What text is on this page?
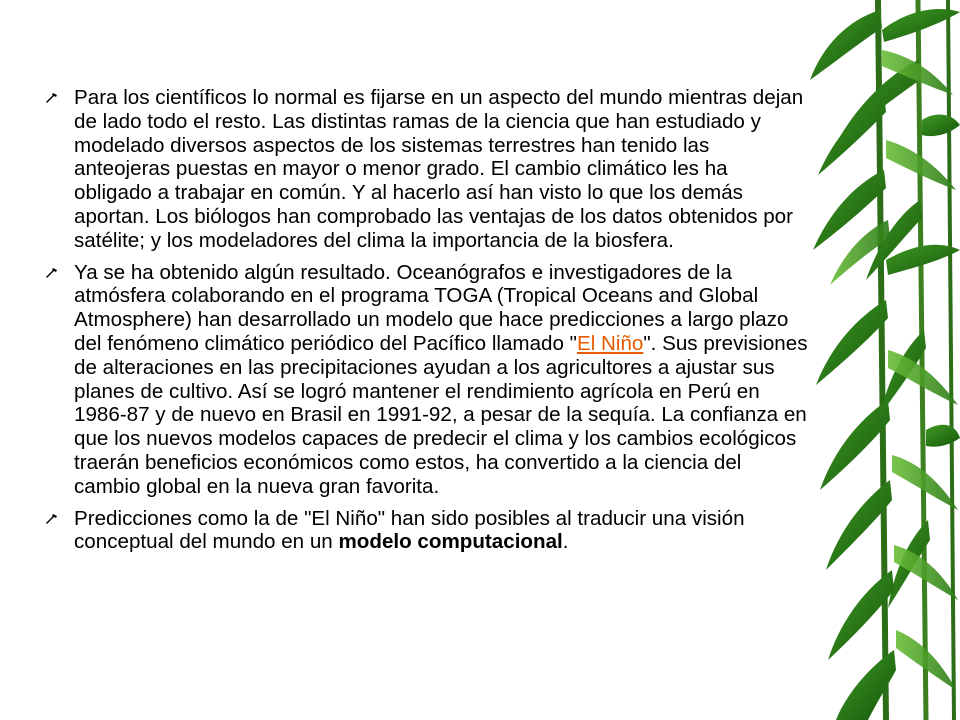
Para los científicos lo normal es fijarse en un aspecto del mundo mientras dejan de lado todo el resto. Las distintas ramas de la ciencia que han estudiado y modelado diversos aspectos de los sistemas terrestres han tenido las anteojeras puestas en mayor o menor grado. El cambio climático les ha obligado a trabajar en común. Y al hacerlo así han visto lo que los demás aportan. Los biólogos han comprobado las ventajas de los datos obtenidos por satélite; y los modeladores del clima la importancia de la biosfera.

Ya se ha obtenido algún resultado. Oceanógrafos e investigadores de la atmósfera colaborando en el programa TOGA (Tropical Oceans and Global Atmosphere) han desarrollado un modelo que hace predicciones a largo plazo del fenómeno climático periódico del Pacífico llamado "El Niño". Sus previsiones de alteraciones en las precipitaciones ayudan a los agricultores a ajustar sus planes de cultivo. Así se logró mantener el rendimiento agrícola en Perú en 1986-87 y de nuevo en Brasil en 1991-92, a pesar de la sequía. La confianza en que los nuevos modelos capaces de predecir el clima y los cambios ecológicos traerán beneficios económicos como estos, ha convertido a la ciencia del cambio global en la nueva gran favorita.

Predicciones como la de "El Niño" han sido posibles al traducir una visión conceptual del mundo en un modelo computacional.
